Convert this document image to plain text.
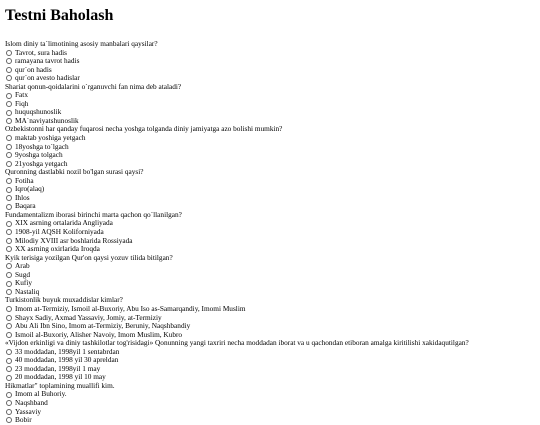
Testni Baholash
Islom diniy ta`limotining asosiy manbalari qaysilar?
Tavrot, sura hadis
ramayana tavrot hadis
qur`on hadis
qur`on avesto hadislar
Shariat qonun-qoidalarini o`rganuvchi fan nima deb ataladi?
Fatx
Fiqh
huquqshunoslik
MA`naviyatshunoslik
Ozbekistonni har qanday fuqarosi necha yoshga tolganda diniy jamiyatga azo bolishi mumkin?
maktab yoshiga yetgach
18yoshga to`lgach
9yoshga tolgach
21yoshga yetgach
Quronning dastlabki nozil bo'lgan surasi qaysi?
Fotiha
Iqro(alaq)
Ihlos
Baqara
Fundamentalizm iborasi birinchi marta qachon qo`llanilgan?
XIX asrning ortalarida Angliyada
1908-yil AQSH Koliforniyada
Milodiy XVIII asr boshlarida Rossiyada
XX asrning oxirlarida Iroqda
Kyik terisiga yozilgan Qur'on qaysi yozuv tilida bitilgan?
Arab
Sugd
Kufiy
Nastaliq
Turkistonlik buyuk muxaddislar kimlar?
Imom at-Termiziy, Ismoil al-Buxoriy, Abu Iso as-Samarqandiy, Imomi Muslim
Shayx Sadiy, Axmad Yassaviy, Jomiy, at-Termiziy
Abu Ali Ibn Sino, Imom at-Termiziy, Beruniy, Naqshbandiy
Ismoil al-Buxoriy, Alisher Navoiy, Imom Muslim, Kubro
«Vijdon erkinligi va diniy tashkilotlar tog'risidagi» Qonunning yangi taxriri necha moddadan iborat va u qachondan etiboran amalga kiritilishi xakidaqutilgan?
33 moddadan, 1998yil 1 sentabrdan
40 moddadan, 1998 yil 30 apreldan
23 moddadan, 1998yil 1 may
20 moddadan, 1998 yil 10 may
Hikmatlar" toplamining muallifi kim.
Imom al Buhoriy.
Naqshband
Yassaviy
Bobir
